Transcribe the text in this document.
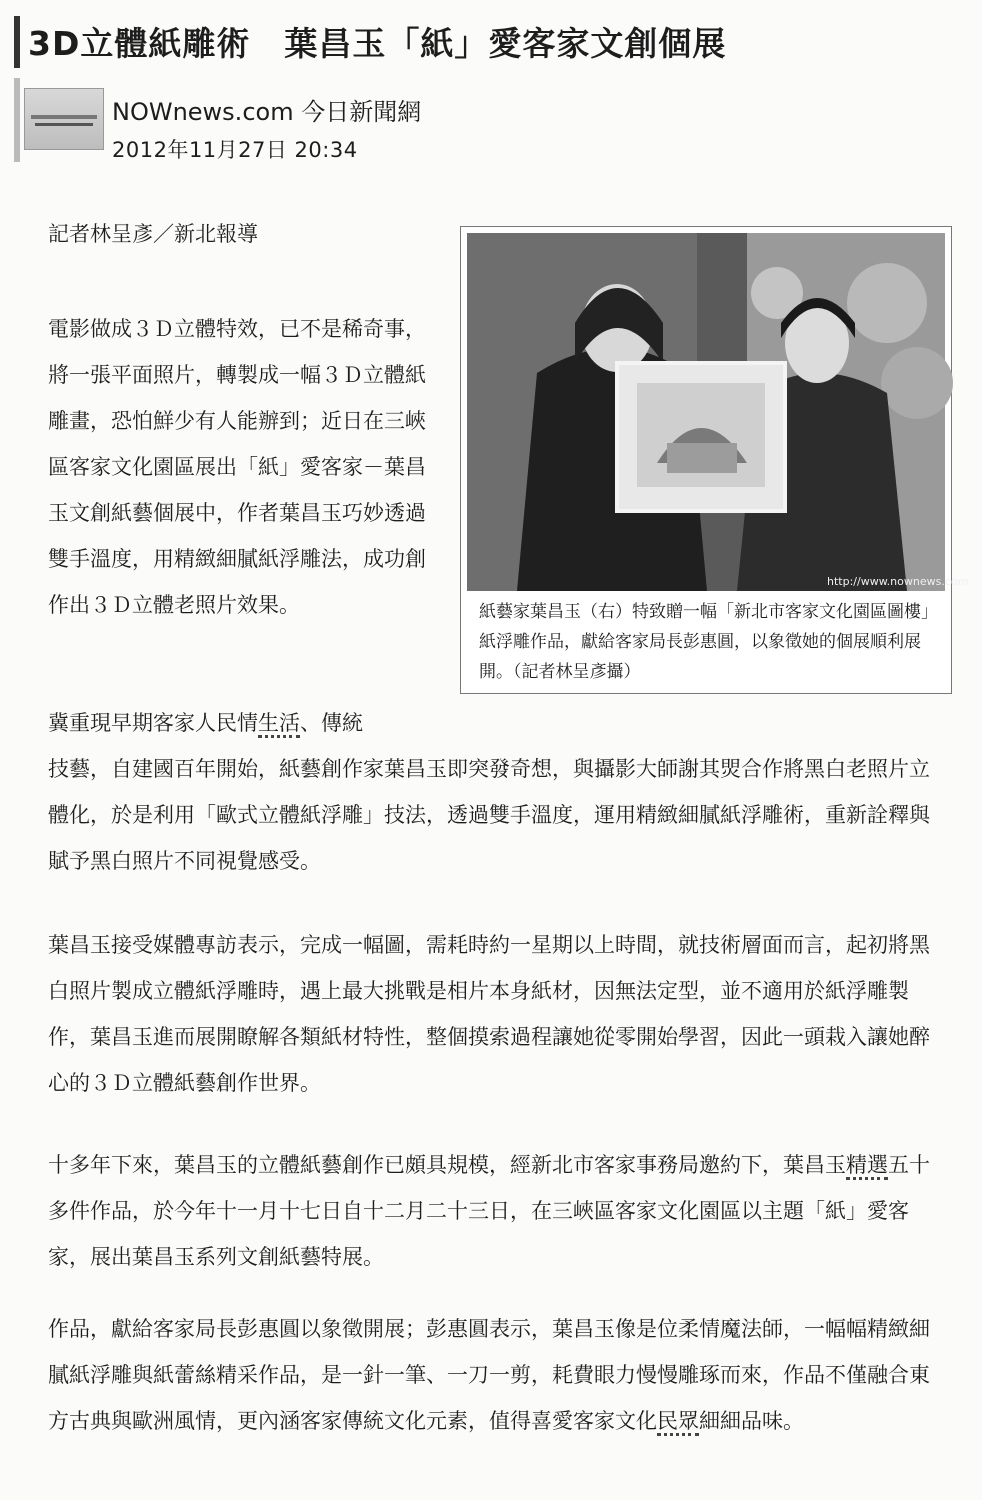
3D立體紙雕術　葉昌玉「紙」愛客家文創個展
NOWnews.com 今日新聞網
2012年11月27日 20:34
記者林呈彥／新北報導

電影做成３Ｄ立體特效，已不是稀奇事，將一張平面照片，轉製成一幅３Ｄ立體紙雕畫，恐怕鮮少有人能辦到；近日在三峽區客家文化園區展出「紙」愛客家－葉昌玉文創紙藝個展中，作者葉昌玉巧妙透過雙手溫度，用精緻細膩紙浮雕法，成功創作出３Ｄ立體老照片效果。

http://www.nownews.com

紙藝家葉昌玉（右）特致贈一幅「新北市客家文化園區圖樓」紙浮雕作品，獻給客家局長彭惠圓，以象徵她的個展順利展開。（記者林呈彥攝）

冀重現早期客家人民情生活、傳統

技藝，自建國百年開始，紙藝創作家葉昌玉即突發奇想，與攝影大師謝其焸合作將黑白老照片立體化，於是利用「歐式立體紙浮雕」技法，透過雙手溫度，運用精緻細膩紙浮雕術，重新詮釋與賦予黑白照片不同視覺感受。

葉昌玉接受媒體專訪表示，完成一幅圖，需耗時約一星期以上時間，就技術層面而言，起初將黑白照片製成立體紙浮雕時，遇上最大挑戰是相片本身紙材，因無法定型，並不適用於紙浮雕製作，葉昌玉進而展開瞭解各類紙材特性，整個摸索過程讓她從零開始學習，因此一頭栽入讓她醉心的３Ｄ立體紙藝創作世界。

十多年下來，葉昌玉的立體紙藝創作已頗具規模，經新北市客家事務局邀約下，葉昌玉精選五十多件作品，於今年十一月十七日自十二月二十三日，在三峽區客家文化園區以主題「紙」愛客家，展出葉昌玉系列文創紙藝特展。

作品，獻給客家局長彭惠圓以象徵開展；彭惠圓表示，葉昌玉像是位柔情魔法師，一幅幅精緻細膩紙浮雕與紙蕾絲精采作品，是一針一筆、一刀一剪，耗費眼力慢慢雕琢而來，作品不僅融合東方古典與歐洲風情，更內涵客家傳統文化元素，值得喜愛客家文化民眾細細品味。
